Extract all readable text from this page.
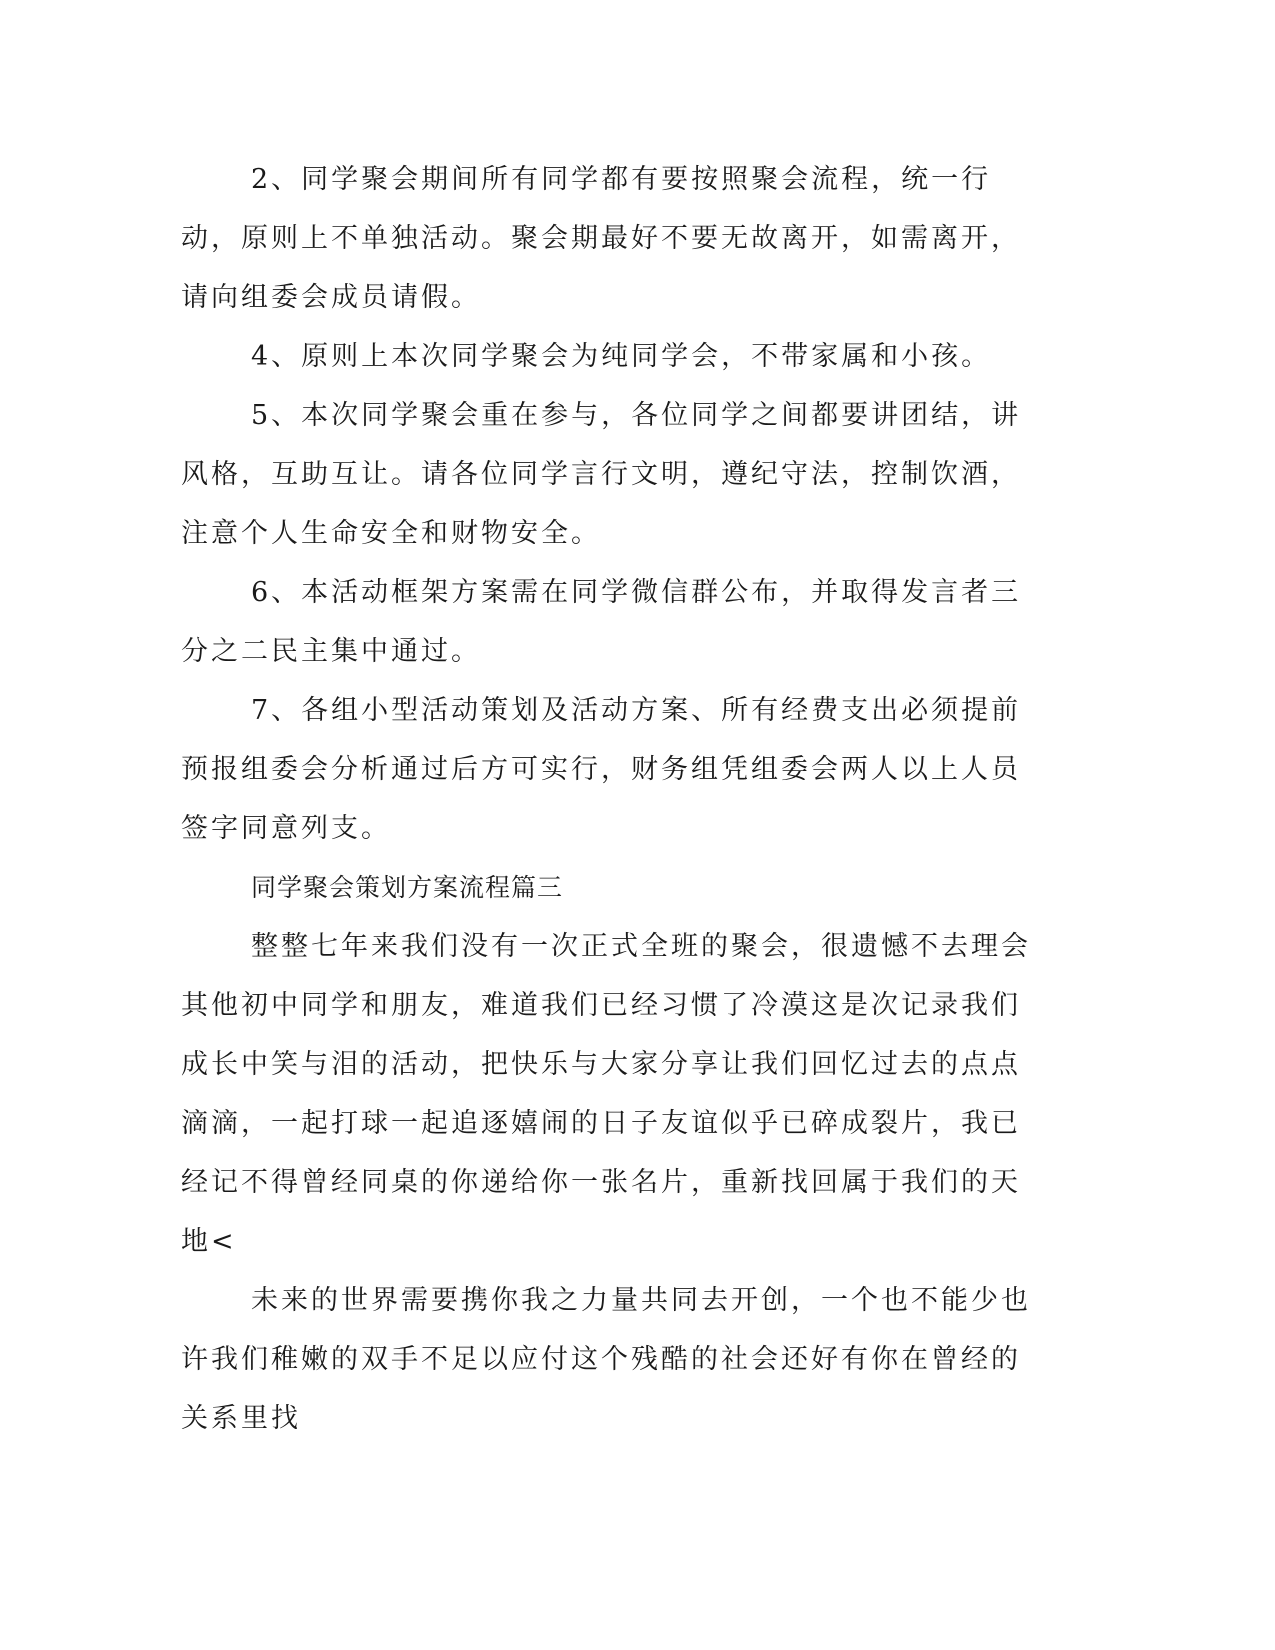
2、同学聚会期间所有同学都有要按照聚会流程，统一行动，原则上不单独活动。聚会期最好不要无故离开，如需离开，请向组委会成员请假。

4、原则上本次同学聚会为纯同学会，不带家属和小孩。

5、本次同学聚会重在参与，各位同学之间都要讲团结，讲风格，互助互让。请各位同学言行文明，遵纪守法，控制饮酒，注意个人生命安全和财物安全。

6、本活动框架方案需在同学微信群公布，并取得发言者三分之二民主集中通过。

7、各组小型活动策划及活动方案、所有经费支出必须提前预报组委会分析通过后方可实行，财务组凭组委会两人以上人员签字同意列支。

同学聚会策划方案流程篇三

整整七年来我们没有一次正式全班的聚会，很遗憾不去理会其他初中同学和朋友，难道我们已经习惯了冷漠这是次记录我们成长中笑与泪的活动，把快乐与大家分享让我们回忆过去的点点滴滴，一起打球一起追逐嬉闹的日子友谊似乎已碎成裂片，我已经记不得曾经同桌的你递给你一张名片，重新找回属于我们的天地<

未来的世界需要携你我之力量共同去开创，一个也不能少也许我们稚嫩的双手不足以应付这个残酷的社会还好有你在曾经的关系里找
